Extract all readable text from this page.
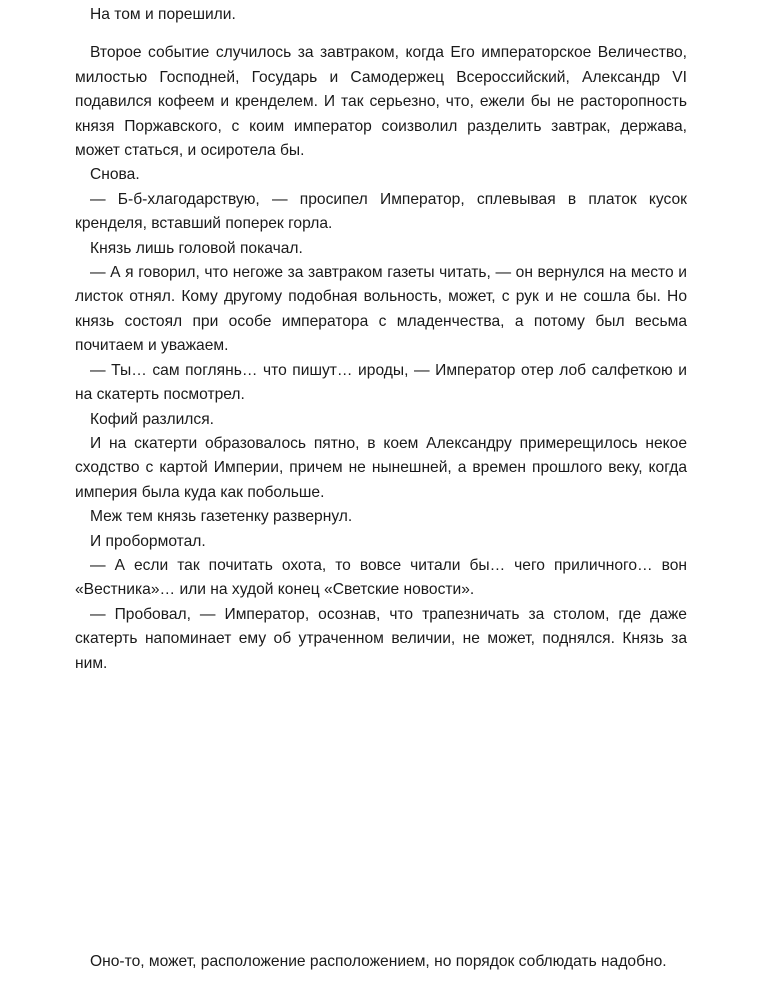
На том и порешили.

Второе событие случилось за завтраком, когда Его императорское Величество, милостью Господней, Государь и Самодержец Всероссийский, Александр VI подавился кофеем и кренделем. И так серьезно, что, ежели бы не расторопность князя Поржавского, с коим император соизволил разделить завтрак, держава, может статься, и осиротела бы.

Снова.

— Б-б-хлагодарствую, — просипел Император, сплевывая в платок кусок кренделя, вставший поперек горла.

Князь лишь головой покачал.

— А я говорил, что негоже за завтраком газеты читать, — он вернулся на место и листок отнял. Кому другому подобная вольность, может, с рук и не сошла бы. Но князь состоял при особе императора с младенчества, а потому был весьма почитаем и уважаем.

— Ты… сам поглянь… что пишут… ироды, — Император отер лоб салфеткою и на скатерть посмотрел.

Кофий разлился.

И на скатерти образовалось пятно, в коем Александру примерещилось некое сходство с картой Империи, причем не нынешней, а времен прошлого веку, когда империя была куда как побольше.

Меж тем князь газетенку развернул.

И пробормотал.

— А если так почитать охота, то вовсе читали бы… чего приличного… вон «Вестника»… или на худой конец «Светские новости».

— Пробовал, — Император, осознав, что трапезничать за столом, где даже скатерть напоминает ему об утраченном величии, не может, поднялся. Князь за ним.

Оно-то, может, расположение расположением, но порядок соблюдать надобно.
